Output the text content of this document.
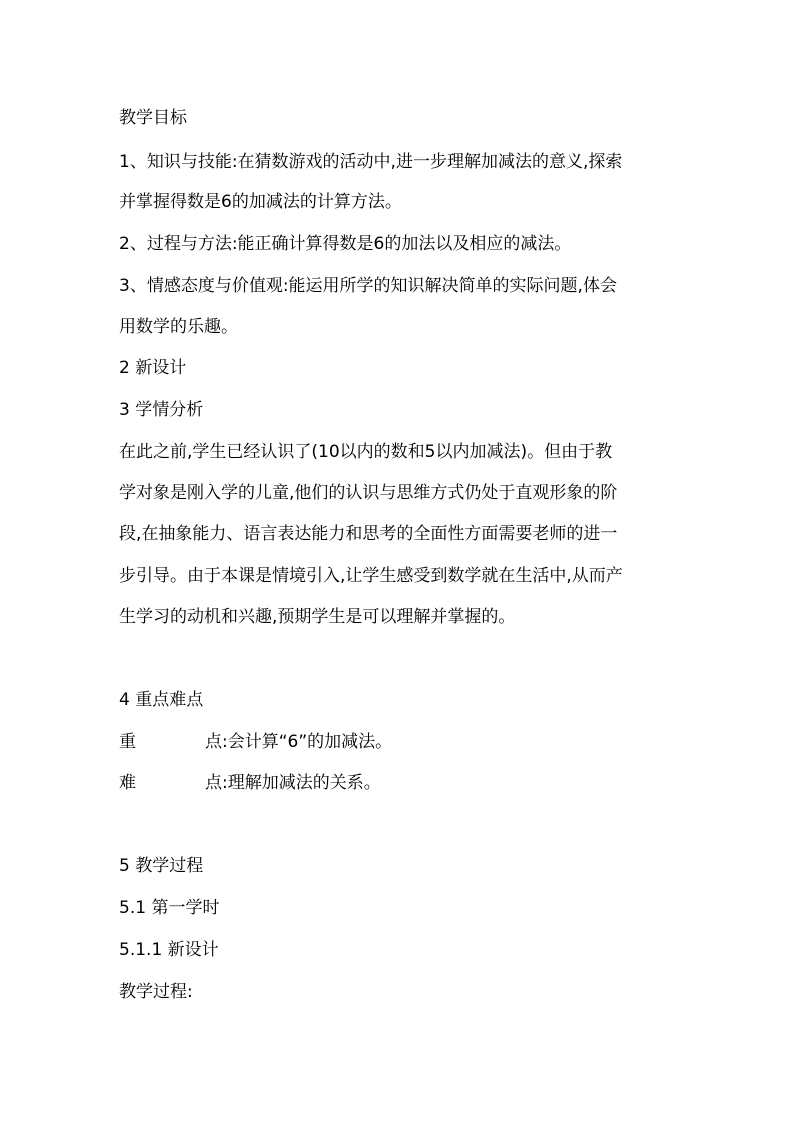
教学目标

1、知识与技能:在猜数游戏的活动中,进一步理解加减法的意义,探索

并掌握得数是6的加减法的计算方法。

2、过程与方法:能正确计算得数是6的加法以及相应的减法。

3、情感态度与价值观:能运用所学的知识解决简单的实际问题,体会

用数学的乐趣。

2 新设计

3 学情分析

在此之前,学生已经认识了(10以内的数和5以内加减法)。但由于教

学对象是刚入学的儿童,他们的认识与思维方式仍处于直观形象的阶

段,在抽象能力、语言表达能力和思考的全面性方面需要老师的进一

步引导。由于本课是情境引入,让学生感受到数学就在生活中,从而产

生学习的动机和兴趣,预期学生是可以理解并掌握的。

4 重点难点

重	点:会计算“6”的加减法。
难	点:理解加减法的关系。

5 教学过程

5.1 第一学时

5.1.1 新设计

教学过程:
